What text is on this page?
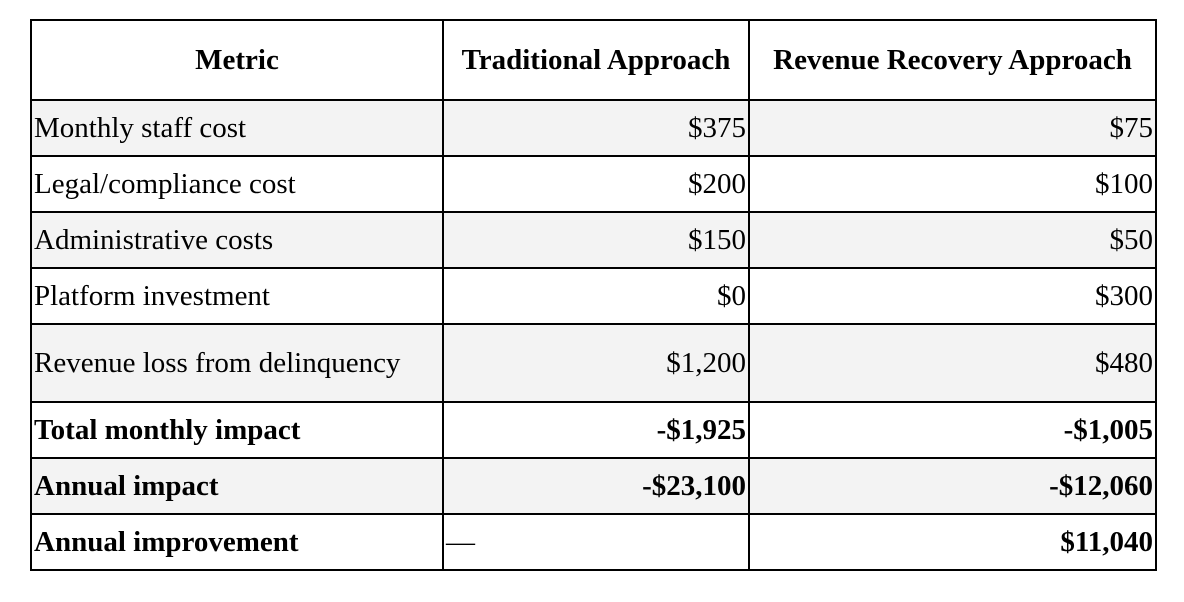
Metric	Traditional Approach	Revenue Recovery Approach
Monthly staff cost	$375	$75
Legal/compliance cost	$200	$100
Administrative costs	$150	$50
Platform investment	$0	$300
Revenue loss from delinquency	$1,200	$480
Total monthly impact	-$1,925	-$1,005
Annual impact	-$23,100	-$12,060
Annual improvement	—	$11,040
